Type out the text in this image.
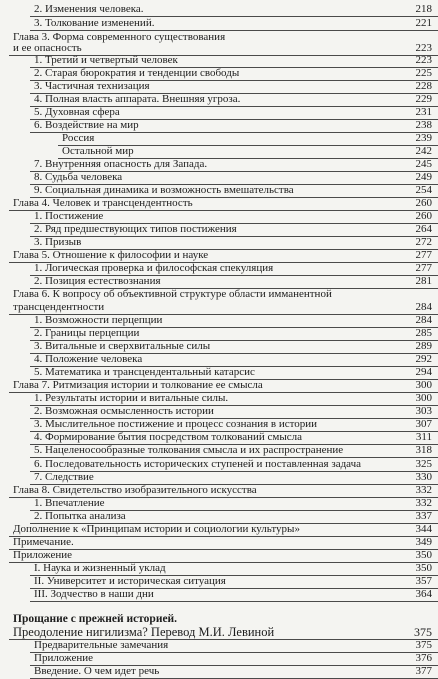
2. Изменения человека.	218
3. Толкование изменений.	221
Глава 3. Форма современного существования
и ее опасность	223
1. Третий и четвертый человек	223
2. Старая бюрократия и тенденции свободы	225
3. Частичная технизация	228
4. Полная власть аппарата. Внешняя угроза.	229
5. Духовная сфера	231
6. Воздействие на мир	238
Россия	239
Остальной мир	242
7. Внутренняя опасность для Запада.	245
8. Судьба человека	249
9. Социальная динамика и возможность вмешательства	254
Глава 4. Человек и трансцендентность	260
1. Постижение	260
2. Ряд предшествующих типов постижения	264
3. Призыв	272
Глава 5. Отношение к философии и науке	277
1. Логическая проверка и философская спекуляция	277
2. Позиция естествознания	281
Глава 6. К вопросу об объективной структуре области имманентной
трансцендентности	284
1. Возможности перцепции	284
2. Границы перцепции	285
3. Витальные и сверхвитальные силы	289
4. Положение человека	292
5. Математика и трансцендентальный катарсис	294
Глава 7. Ритмизация истории и толкование ее смысла	300
1. Результаты истории и витальные силы.	300
2. Возможная осмысленность истории	303
3. Мыслительное постижение и процесс сознания в истории	307
4. Формирование бытия посредством толкований смысла	311
5. Нацеленосообразные толкования смысла и их распространение	318
6. Последовательность исторических ступеней и поставленная задача	325
7. Следствие	330
Глава 8. Свидетельство изобразительного искусства	332
1. Впечатление	332
2. Попытка анализа	337
Дополнение к «Принципам истории и социологии культуры»	344
Примечание.	349
Приложение	350
I. Наука и жизненный уклад	350
II. Университет и историческая ситуация	357
III. Зодчество в наши дни	364
Прощание с прежней историей.
Преодоление нигилизма? Перевод М.И. Левиной	375
Предварительные замечания	375
Приложение	376
Введение. О чем идет речь	377
